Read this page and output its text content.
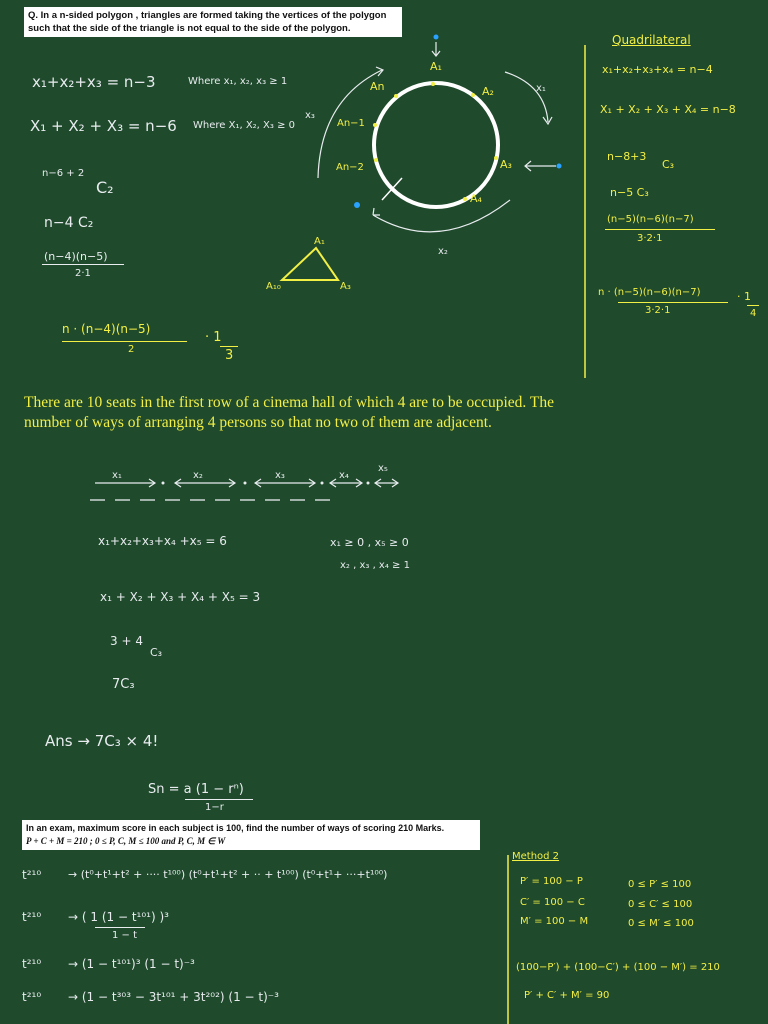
Q. In a n-sided polygon , triangles are formed taking the vertices of the polygon
such that the side of the triangle is not equal to the side of the polygon.
x₁+x₂+x₃ = n−3	Where x₁, x₂, x₃ ≥ 1
X₁ + X₂ + X₃ = n−6 Where X₁, X₂, X₃ ≥ 0
n−6 + 2
C₂
n−4 C₂
(n−4)(n−5)
2·1
n · (n−4)(n−5)
2
· 1
3
A₁
A₂
A₃
A₄
An
An−1
An−2
x₁
x₃
x₂
A₁
A₁₀	A₃
Quadrilateral
x₁+x₂+x₃+x₄ = n−4
X₁ + X₂ + X₃ + X₄ = n−8
n−8+3
C₃
n−5 C₃
(n−5)(n−6)(n−7)
3·2·1
n · (n−5)(n−6)(n−7)
3·2·1
· 1
4
There are 10 seats in the first row of a cinema hall of which 4 are to be occupied. The
number of ways of arranging 4 persons so that no two of them are adjacent.
x₁	x₂	x₃	x₄
x₅
x₁+x₂+x₃+x₄ +x₅ = 6	x₁ ≥ 0 , x₅ ≥ 0
x₂ , x₃ , x₄ ≥ 1
x₁ + X₂ + X₃ + X₄ + X₅ = 3
3 + 4
C₃
7C₃
Ans → 7C₃ × 4!
Sn = a (1 − rⁿ)
1−r
In an exam, maximum score in each subject is 100, find the number of ways of scoring 210 Marks.
P + C + M = 210 ; 0 ≤ P, C, M ≤ 100 and P, C, M ∈ W
t²¹⁰ → (t⁰+t¹+t² + ···· t¹⁰⁰) (t⁰+t¹+t² + ·· + t¹⁰⁰) (t⁰+t¹+ ···+t¹⁰⁰)
t²¹⁰ → ( 1 (1 − t¹⁰¹) )³
1 − t
t²¹⁰ → (1 − t¹⁰¹)³ (1 − t)⁻³
t²¹⁰ → (1 − t³⁰³ − 3t¹⁰¹ + 3t²⁰²) (1 − t)⁻³
Method 2
P′ = 100 − P	0 ≤ P′ ≤ 100
C′ = 100 − C	0 ≤ C′ ≤ 100
M′ = 100 − M	0 ≤ M′ ≤ 100
(100−P′) + (100−C′) + (100 − M′) = 210
P′ + C′ + M′ = 90
